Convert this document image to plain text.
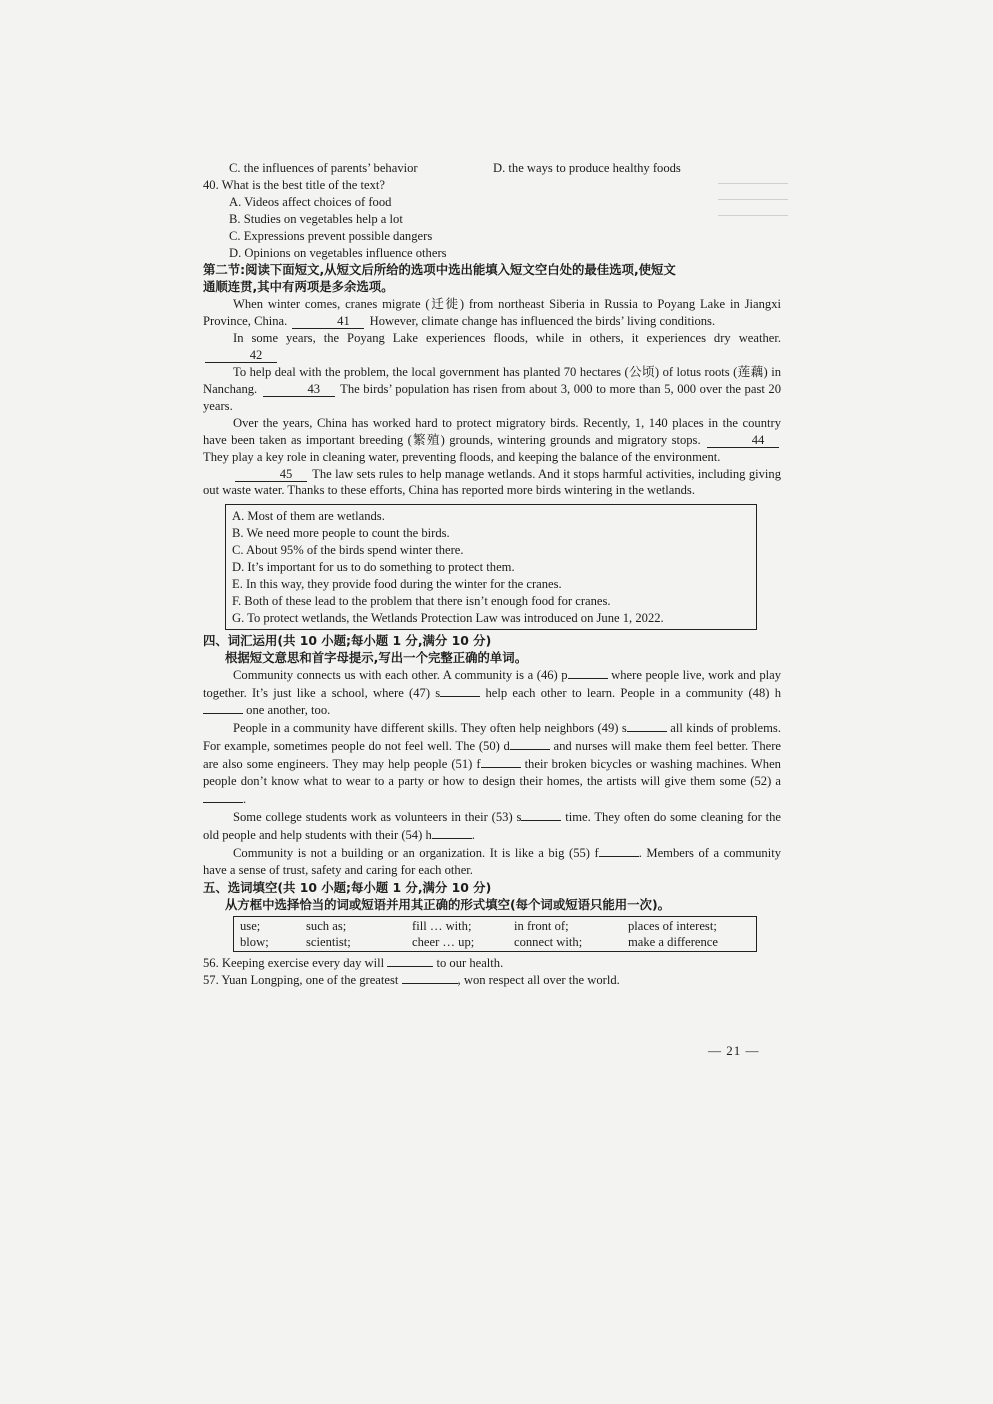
C. the influences of parents’ behavior	D. the ways to produce healthy foods
40. What is the best title of the text?
A. Videos affect choices of food
B. Studies on vegetables help a lot
C. Expressions prevent possible dangers
D. Opinions on vegetables influence others
第二节:阅读下面短文,从短文后所给的选项中选出能填入短文空白处的最佳选项,使短文
通顺连贯,其中有两项是多余选项。

When winter comes, cranes migrate (迁徙) from northeast Siberia in Russia to Poyang Lake in Jiangxi Province, China.	41 However, climate change has influenced the birds’ living conditions.

In some years, the Poyang Lake experiences floods, while in others, it experiences dry weather. 42

To help deal with the problem, the local government has planted 70 hectares (公顷) of lotus roots (莲藕) in Nanchang.	43 The birds’ population has risen from about 3, 000 to more than 5, 000 over the past 20 years.

Over the years, China has worked hard to protect migratory birds. Recently, 1, 140 places in the country have been taken as important breeding (繁殖) grounds, wintering grounds and migratory stops.	44 They play a key role in cleaning water, preventing floods, and keeping the balance of the environment.

45 The law sets rules to help manage wetlands. And it stops harmful activities, including giving out waste water. Thanks to these efforts, China has reported more birds wintering in the wetlands.

A. Most of them are wetlands.
B. We need more people to count the birds.
C. About 95% of the birds spend winter there.
D. It’s important for us to do something to protect them.
E. In this way, they provide food during the winter for the cranes.
F. Both of these lead to the problem that there isn’t enough food for cranes.
G. To protect wetlands, the Wetlands Protection Law was introduced on June 1, 2022.
四、词汇运用(共 10 小题;每小题 1 分,满分 10 分)
根据短文意思和首字母提示,写出一个完整正确的单词。

Community connects us with each other. A community is a (46) p	where people live, work and play together. It’s just like a school, where (47) s	help each other to learn. People in a community (48) h one another, too.

People in a community have different skills. They often help neighbors (49) s	all kinds of problems. For example, sometimes people do not feel well. The (50) d	and nurses will make them feel better. There are also some engineers. They may help people (51) f	their broken bicycles or washing machines. When people don’t know what to wear to a party or how to design their homes, the artists will give them some (52) a.

Some college students work as volunteers in their (53) s	time. They often do some cleaning for the old people and help students with their (54) h	.

Community is not a building or an organization. It is like a big (55) f	. Members of a community have a sense of trust, safety and caring for each other.

五、选词填空(共 10 小题;每小题 1 分,满分 10 分)
从方框中选择恰当的词或短语并用其正确的形式填空(每个词或短语只能用一次)。
use;	such as;	fill … with;	in front of;	places of interest;
blow;	scientist;	cheer … up;	connect with;	make a difference
56. Keeping exercise every day will	to our health.
57. Yuan Longping, one of the greatest	, won respect all over the world.
— 21 —
